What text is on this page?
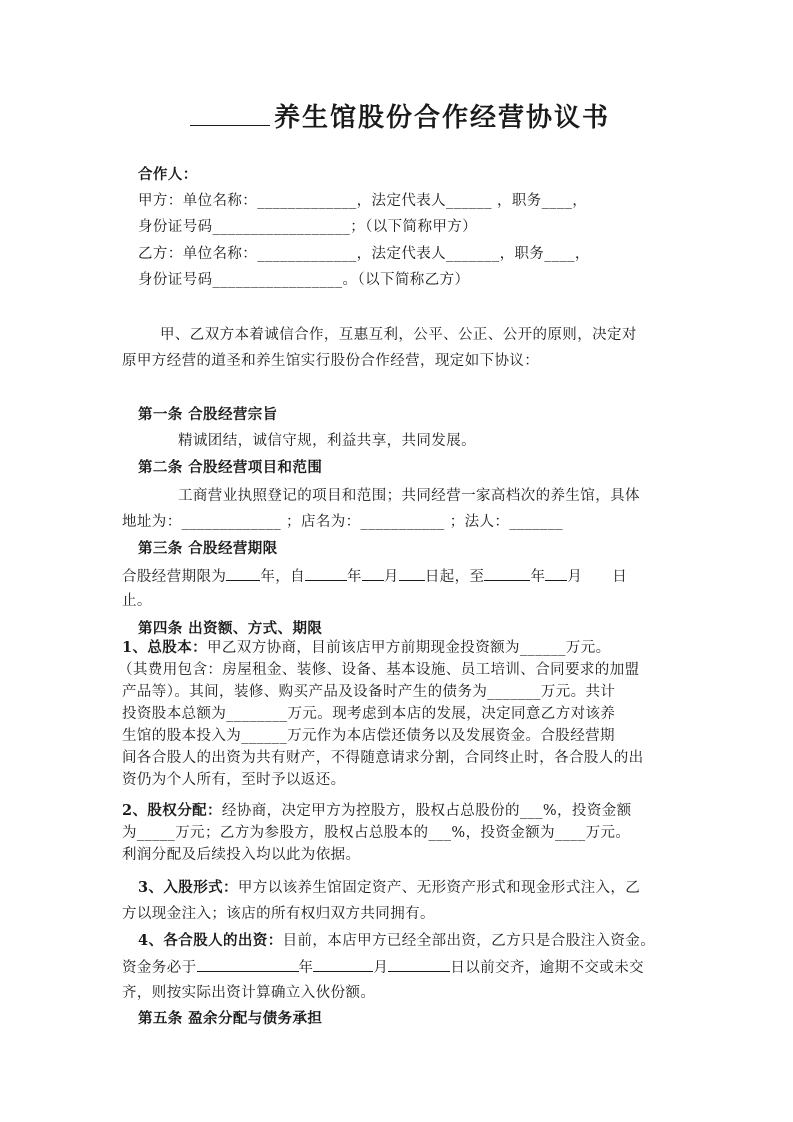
养生馆股份合作经营协议书
合作人：
甲方：单位名称：_____________，法定代表人______ ，职务____，
身份证号码__________________；（以下简称甲方）
乙方：单位名称：_____________，法定代表人_______，职务____，
身份证号码_________________。（以下简称乙方）
甲、乙双方本着诚信合作，互惠互利，公平、公正、公开的原则，决定对
原甲方经营的道圣和养生馆实行股份合作经营，现定如下协议：
第一条 合股经营宗旨
精诚团结，诚信守规，利益共享，共同发展。
第二条 合股经营项目和范围
工商营业执照登记的项目和范围；共同经营一家高档次的养生馆，具体
地址为：_____________ ；店名为：___________ ；法人：_______
第三条 合股经营期限
合股经营期限为 年，自	年 月 日起，至	年 月 日
止。
第四条 出资额、方式、期限
1、总股本：甲乙双方协商，目前该店甲方前期现金投资额为______万元。
（其费用包含：房屋租金、装修、设备、基本设施、员工培训、合同要求的加盟
产品等）。其间，装修、购买产品及设备时产生的债务为_______万元。共计
投资股本总额为________万元。现考虑到本店的发展，决定同意乙方对该养
生馆的股本投入为______万元作为本店偿还债务以及发展资金。合股经营期
间各合股人的出资为共有财产，不得随意请求分割，合同终止时，各合股人的出
资仍为个人所有，至时予以返还。
2、股权分配：经协商，决定甲方为控股方，股权占总股份的___%，投资金额
为_____万元；乙方为参股方，股权占总股本的___%，投资金额为____万元。
利润分配及后续投入均以此为依据。
3、入股形式：甲方以该养生馆固定资产、无形资产形式和现金形式注入，乙
方以现金注入；该店的所有权归双方共同拥有。
4、各合股人的出资：目前，本店甲方已经全部出资，乙方只是合股注入资金。
资金务必于	年	月	日以前交齐，逾期不交或未交
齐，则按实际出资计算确立入伙份额。
第五条 盈余分配与债务承担
